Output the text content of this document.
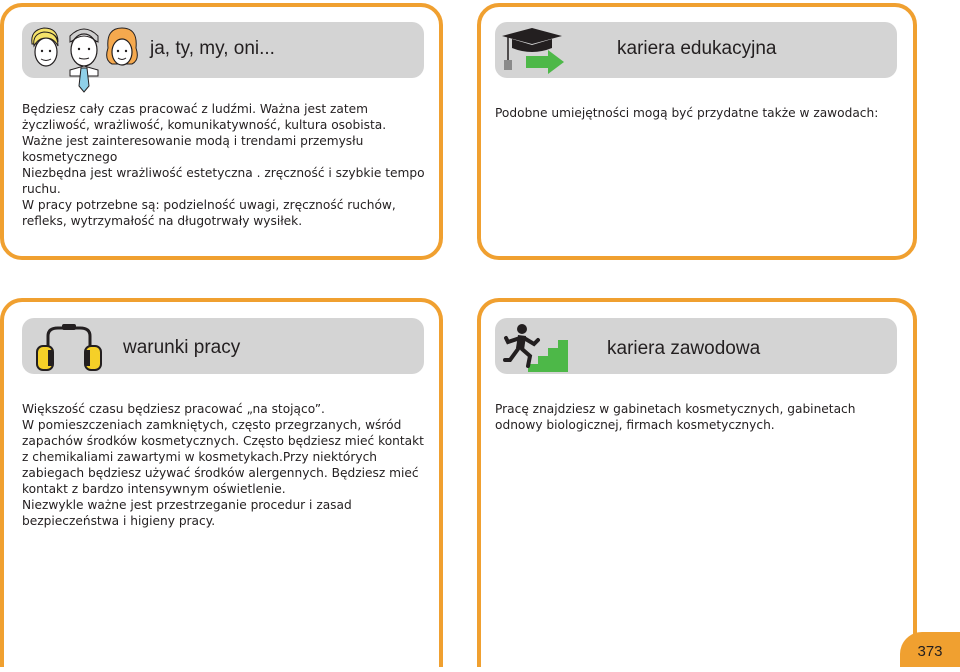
ja, ty, my, oni...

Będziesz cały czas pracować z ludźmi. Ważna jest zatem życzliwość, wrażliwość, komunikatywność, kultura osobista.

Ważne jest zainteresowanie modą i trendami przemysłu kosmetycznego

Niezbędna jest wrażliwość estetyczna . zręczność i szybkie tempo ruchu.

W pracy potrzebne są: podzielność uwagi, zręczność ruchów, refleks, wytrzymałość na długotrwały wysiłek.

kariera edukacyjna

Podobne umiejętności mogą być przydatne także w zawodach:

warunki pracy

Większość czasu będziesz pracować „na stojąco”.

W pomieszczeniach zamkniętych, często przegrzanych, wśród zapachów środków kosmetycznych. Często będziesz mieć kontakt z chemikaliami zawartymi w kosmetykach.Przy niektórych zabiegach będziesz używać środków alergennych. Będziesz mieć kontakt z bardzo intensywnym oświetlenie.

Niezwykle ważne jest przestrzeganie procedur i zasad bezpieczeństwa i higieny pracy.

kariera zawodowa

Pracę znajdziesz w gabinetach kosmetycznych, gabinetach odnowy biologicznej, firmach kosmetycznych.

373
